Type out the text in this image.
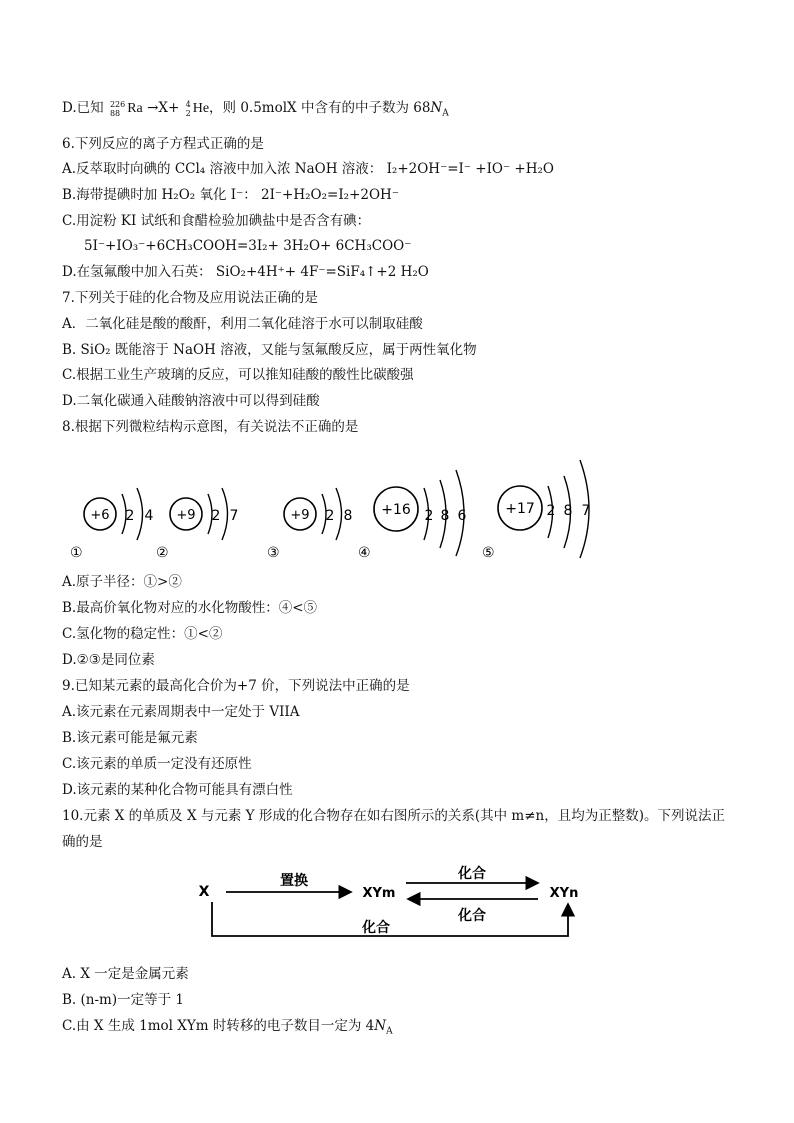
D.已知 226
88 Ra →X+ 4
2 He，则 0.5molX 中含有的中子数为 $68N_A$
6.下列反应的离子方程式正确的是
A.反萃取时向碘的 CCl₄ 溶液中加入浓 NaOH 溶液： I₂+2OH⁻=I⁻ +IO⁻ +H₂O
B.海带提碘时加 H₂O₂ 氧化 I⁻： 2I⁻+H₂O₂=I₂+2OH⁻
C.用淀粉 KI 试纸和食醋检验加碘盐中是否含有碘：
5I⁻+IO₃⁻+6CH₃COOH=3I₂+ 3H₂O+ 6CH₃COO⁻
D.在氢氟酸中加入石英： SiO₂+4H⁺+ 4F⁻=SiF₄↑+2 H₂O
7.下列关于硅的化合物及应用说法正确的是
A．二氧化硅是酸的酸酐，利用二氧化硅溶于水可以制取硅酸
B. SiO₂ 既能溶于 NaOH 溶液，又能与氢氟酸反应，属于两性氧化物
C.根据工业生产玻璃的反应，可以推知硅酸的酸性比碳酸强
D.二氧化碳通入硅酸钠溶液中可以得到硅酸
8.根据下列微粒结构示意图，有关说法不正确的是
+6 2 4
①
+9 2 7
②
+9 2 8
③
+16 2 8 6
④
+17 2 8 7
⑤
A.原子半径：①>②
B.最高价氧化物对应的水化物酸性：④<⑤
C.氢化物的稳定性：①<②
D.②③是同位素
9.已知某元素的最高化合价为+7 价，下列说法中正确的是
A.该元素在元素周期表中一定处于 VIIA
B.该元素可能是氟元素
C.该元素的单质一定没有还原性
D.该元素的某种化合物可能具有漂白性
10.元素 X 的单质及 X 与元素 Y 形成的化合物存在如右图所示的关系(其中 m≠n，且均为正整数)。下列说法正
确的是
X	XYm	XYn
置换	化合
化合
化合
A. X 一定是金属元素
B. (n-m)一定等于 1
C.由 X 生成 1mol XYm 时转移的电子数目一定为 $4N_A$
